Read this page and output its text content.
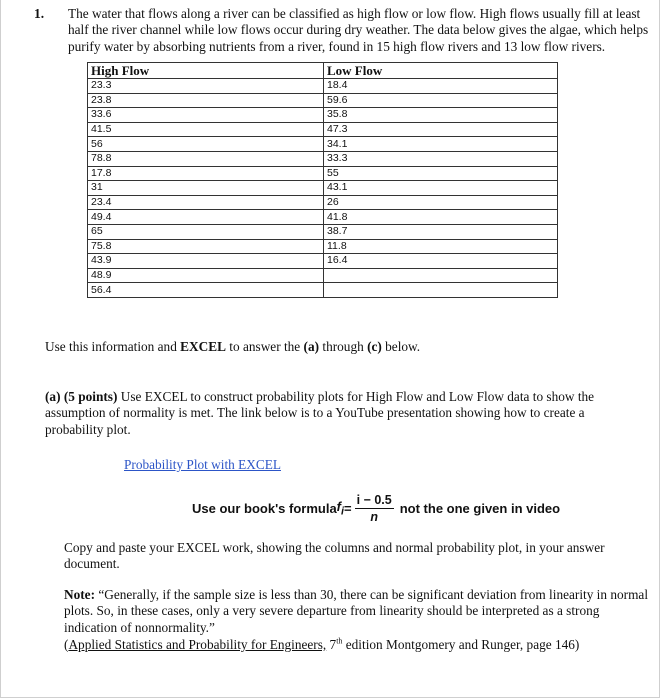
1. The water that flows along a river can be classified as high flow or low flow. High flows usually fill at least half the river channel while low flows occur during dry weather. The data below gives the algae, which helps purify water by absorbing nutrients from a river, found in 15 high flow rivers and 13 low flow rivers.

High Flow	Low Flow
23.3	18.4
23.8	59.6
33.6	35.8
41.5	47.3
56	34.1
78.8	33.3
17.8	55
31	43.1
23.4	26
49.4	41.8
65	38.7
75.8	11.8
43.9	16.4
48.9	
56.4	
Use this information and EXCEL to answer the (a) through (c) below.
(a) (5 points) Use EXCEL to construct probability plots for High Flow and Low Flow data to show the assumption of normality is met. The link below is to a YouTube presentation showing how to create a probability plot.
Probability Plot with EXCEL
Use our book's formula $f_i = \frac{i - 0.5}{n}$ not the one given in video
Copy and paste your EXCEL work, showing the columns and normal probability plot, in your answer document.
Note: “Generally, if the sample size is less than 30, there can be significant deviation from linearity in normal plots. So, in these cases, only a very severe departure from linearity should be interpreted as a strong indication of nonnormality.”
(Applied Statistics and Probability for Engineers, 7th edition Montgomery and Runger, page 146)
